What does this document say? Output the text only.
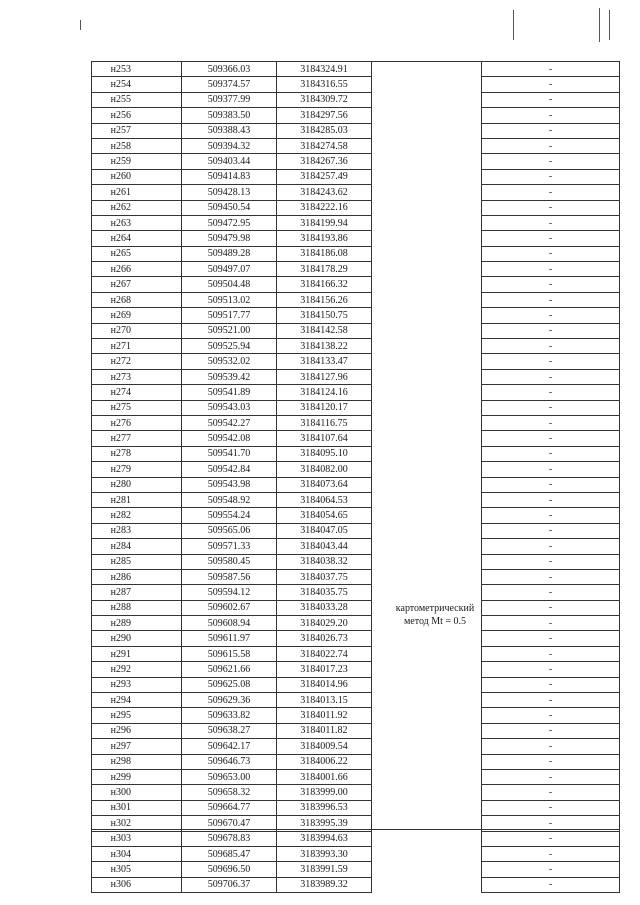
н253	509366.03	3184324.91		-
н254	509374.57	3184316.55		-
н255	509377.99	3184309.72		-
н256	509383.50	3184297.56		-
н257	509388.43	3184285.03		-
н258	509394.32	3184274.58		-
н259	509403.44	3184267.36		-
н260	509414.83	3184257.49		-
н261	509428.13	3184243.62		-
н262	509450.54	3184222.16		-
н263	509472.95	3184199.94		-
н264	509479.98	3184193.86		-
н265	509489.28	3184186.08		-
н266	509497.07	3184178.29		-
н267	509504.48	3184166.32		-
н268	509513.02	3184156.26		-
н269	509517.77	3184150.75		-
н270	509521.00	3184142.58		-
н271	509525.94	3184138.22		-
н272	509532.02	3184133.47		-
н273	509539.42	3184127.96		-
н274	509541.89	3184124.16		-
н275	509543.03	3184120.17		-
н276	509542.27	3184116.75		-
н277	509542.08	3184107.64		-
н278	509541.70	3184095.10		-
н279	509542.84	3184082.00		-
н280	509543.98	3184073.64		-
н281	509548.92	3184064.53		-
н282	509554.24	3184054.65		-
н283	509565.06	3184047.05		-
н284	509571.33	3184043.44		-
н285	509580.45	3184038.32		-
н286	509587.56	3184037.75		-
н287	509594.12	3184035.75		-
н288	509602.67	3184033.28		-
н289	509608.94	3184029.20		-
н290	509611.97	3184026.73		-
н291	509615.58	3184022.74		-
н292	509621.66	3184017.23		-
н293	509625.08	3184014.96		-
н294	509629.36	3184013.15		-
н295	509633.82	3184011.92		-
н296	509638.27	3184011.82		-
н297	509642.17	3184009.54		-
н298	509646.73	3184006.22		-
н299	509653.00	3184001.66		-
н300	509658.32	3183999.00		-
н301	509664.77	3183996.53		-
н302	509670.47	3183995.39		-
н303	509678.83	3183994.63		-
н304	509685.47	3183993.30		-
н305	509696.50	3183991.59		-
н306	509706.37	3183989.32		-
картометрический
метод Mt = 0.5
